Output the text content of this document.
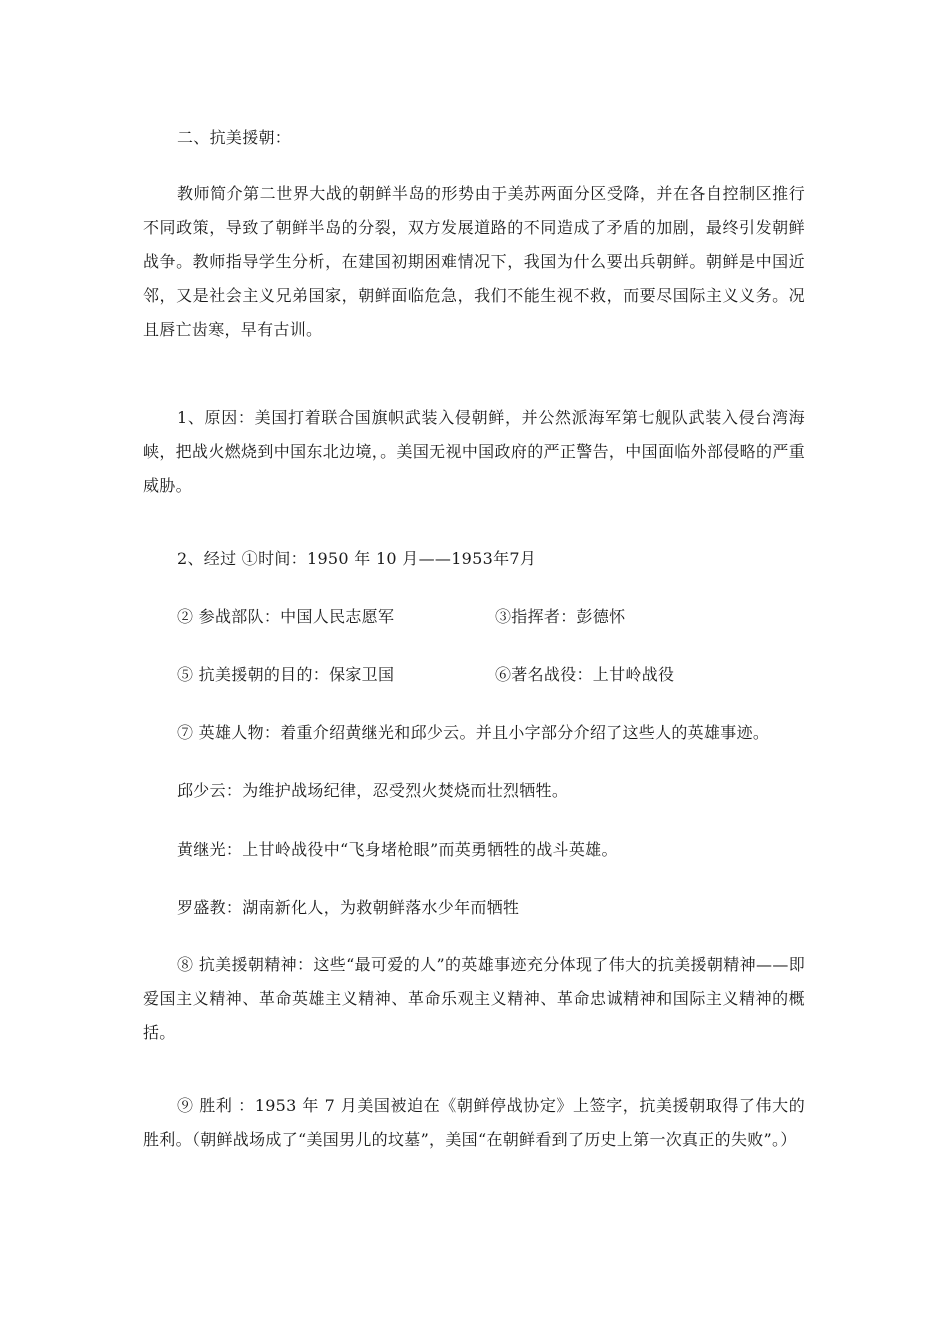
二、抗美援朝：

教师简介第二世界大战的朝鲜半岛的形势由于美苏两面分区受降，并在各自控制区推行不同政策，导致了朝鲜半岛的分裂，双方发展道路的不同造成了矛盾的加剧，最终引发朝鲜战争。教师指导学生分析，在建国初期困难情况下，我国为什么要出兵朝鲜。朝鲜是中国近邻，又是社会主义兄弟国家，朝鲜面临危急，我们不能生视不救，而要尽国际主义义务。况且唇亡齿寒，早有古训。

1、原因：美国打着联合国旗帜武装入侵朝鲜，并公然派海军第七舰队武装入侵台湾海峡，把战火燃烧到中国东北边境，。美国无视中国政府的严正警告，中国面临外部侵略的严重威胁。

2、经过 ①时间：1950 年 10 月——1953年7月

② 参战部队：中国人民志愿军	③指挥者：彭德怀

⑤ 抗美援朝的目的：保家卫国	⑥著名战役：上甘岭战役

⑦ 英雄人物：着重介绍黄继光和邱少云。并且小字部分介绍了这些人的英雄事迹。

邱少云：为维护战场纪律，忍受烈火焚烧而壮烈牺牲。

黄继光：上甘岭战役中“飞身堵枪眼”而英勇牺牲的战斗英雄。

罗盛教：湖南新化人，为救朝鲜落水少年而牺牲

⑧ 抗美援朝精神：这些“最可爱的人”的英雄事迹充分体现了伟大的抗美援朝精神——即爱国主义精神、革命英雄主义精神、革命乐观主义精神、革命忠诚精神和国际主义精神的概括。

⑨ 胜利 ：1953 年 7 月美国被迫在《朝鲜停战协定》上签字，抗美援朝取得了伟大的胜利。（朝鲜战场成了“美国男儿的坟墓”，美国“在朝鲜看到了历史上第一次真正的失败”。）
